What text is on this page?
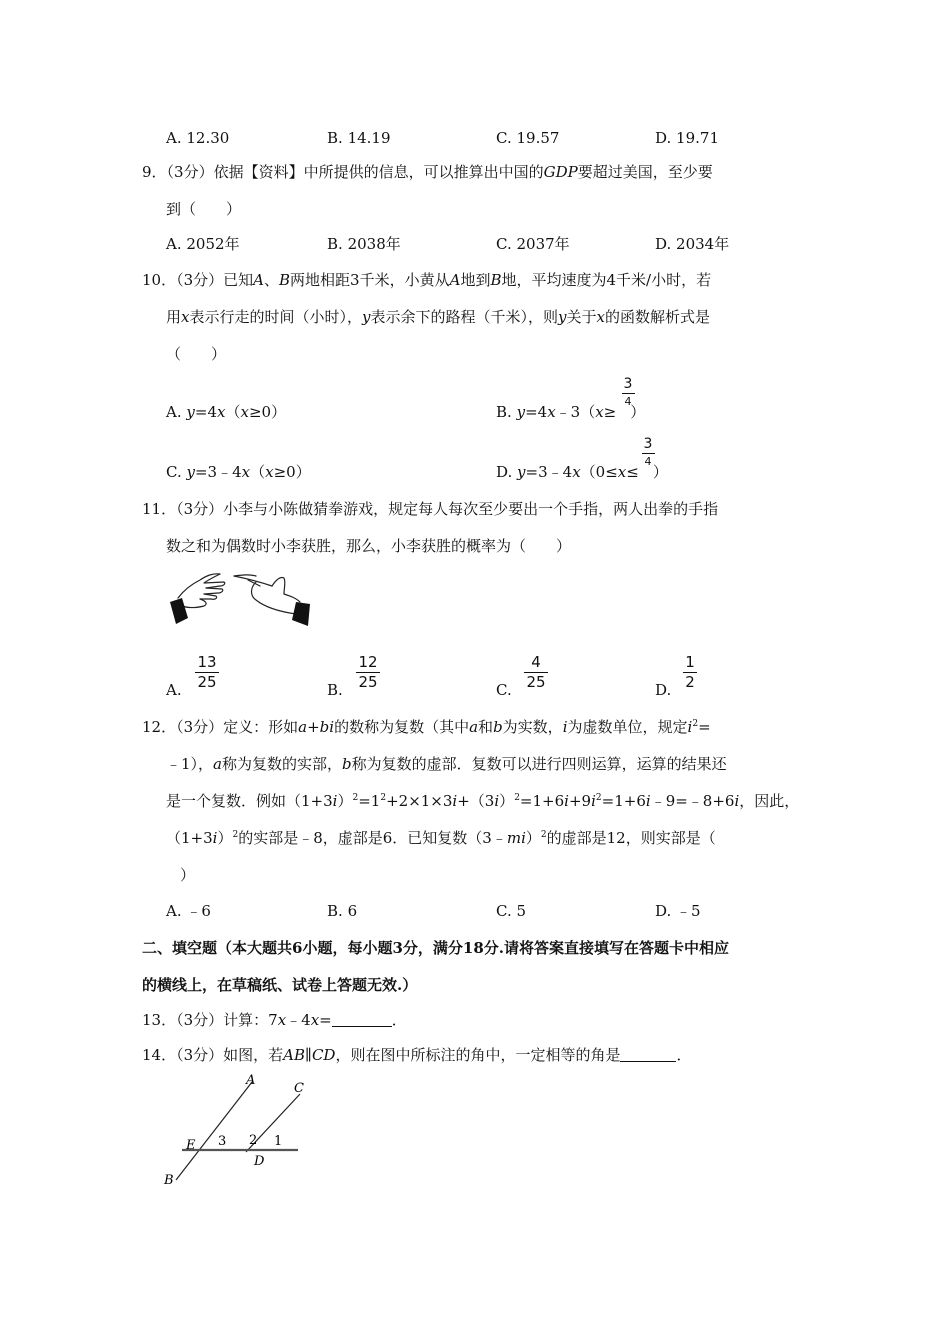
A. 12.30	B. 14.19	C. 19.57	D. 19.71
9．（3分）依据【资料】中所提供的信息，可以推算出中国的GDP要超过美国，至少要
到（　　）
A. 2052年	B. 2038年	C. 2037年	D. 2034年
10．（3分）已知A、B两地相距3千米，小黄从A地到B地，平均速度为4千米/小时，若
用x表示行走的时间（小时），y表示余下的路程（千米），则y关于x的函数解析式是
（　　）
A. y=4x（x≥0）	B. y=4x﹣3（x≥ ）
3
4
C. y=3﹣4x（x≥0）	D. y=3﹣4x（0≤x≤ ）
3
4
11．（3分）小李与小陈做猜拳游戏，规定每人每次至少要出一个手指，两人出拳的手指
数之和为偶数时小李获胜，那么，小李获胜的概率为（　　）
A.
13
25	B.
12
25	C.
4
25	D.
1
2
12．（3分）定义：形如a+bi的数称为复数（其中a和b为实数，i为虚数单位，规定$i^2=$
﹣1），a称为复数的实部，b称为复数的虚部．复数可以进行四则运算，运算的结果还
是一个复数．例如$(1+3i)^2=1^2+2\times 1\times 3i+(3i)^2=1+6i+9i^2=1+6i﹣9=﹣8+6i$，因此，
$(1+3i)^2$的实部是﹣8，虚部是6．已知复数（3﹣mi）$^2$的虚部是12，则实部是（
）
A. ﹣6	B. 6	C. 5	D. ﹣5
二、填空题（本大题共6小题，每小题3分，满分18分.请将答案直接填写在答题卡中相应
的横线上，在草稿纸、试卷上答题无效.）
13．（3分）计算：7x﹣4x=	．
14．（3分）如图，若AB∥CD，则在图中所标注的角中，一定相等的角是	．
A
C
E 3 2 1
D
B
